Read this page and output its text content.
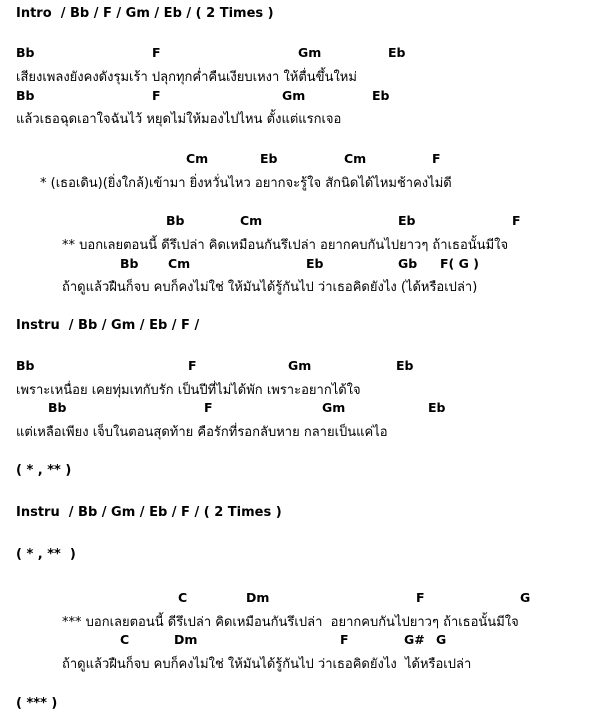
Intro  / Bb / F / Gm / Eb / ( 2 Times )
Bb	F	Gm	Eb
เสียงเพลงยังคงดังรุมเร้า ปลุกทุกค่ำคืนเงียบเหงา ให้ตื่นขึ้นใหม่
Bb	F	Gm	Eb
แล้วเธอฉุดเอาใจฉันไว้ หยุดไม่ให้มองไปไหน ตั้งแต่แรกเจอ
Cm	Eb	Cm	F
* (เธอเดิน)(ยิ่งใกล้)เข้ามา ยิ่งหวั่นไหว อยากจะรู้ใจ สักนิดได้ไหมช้าคงไม่ดี
Bb	Cm	Eb	F
** บอกเลยตอนนี้ ดีรึเปล่า คิดเหมือนกันรึเปล่า อยากคบกันไปยาวๆ ถ้าเธอนั้นมีใจ
Bb Cm	Eb	Gb F( G )
ถ้าดูแล้วฝืนก็จบ คบก็คงไม่ใช่ ให้มันได้รู้กันไป ว่าเธอคิดยังไง (ได้หรือเปล่า)
Instru  / Bb / Gm / Eb / F /
Bb	F	Gm	Eb
เพราะเหนื่อย เคยทุ่มเทกับรัก เป็นปีที่ไม่ได้พัก เพราะอยากได้ใจ
Bb	F	Gm	Eb
แต่เหลือเพียง เจ็บในตอนสุดท้าย คือรักที่รอกลับหาย กลายเป็นแค่ไอ
( * , ** )
Instru  / Bb / Gm / Eb / F / ( 2 Times )
( * , **  )
C	Dm	F	G
*** บอกเลยตอนนี้ ดีรึเปล่า คิดเหมือนกันรึเปล่า  อยากคบกันไปยาวๆ ถ้าเธอนั้นมีใจ
C	Dm	F	G# G
ถ้าดูแล้วฝืนก็จบ คบก็คงไม่ใช่ ให้มันได้รู้กันไป ว่าเธอคิดยังไง  ได้หรือเปล่า
( *** )
